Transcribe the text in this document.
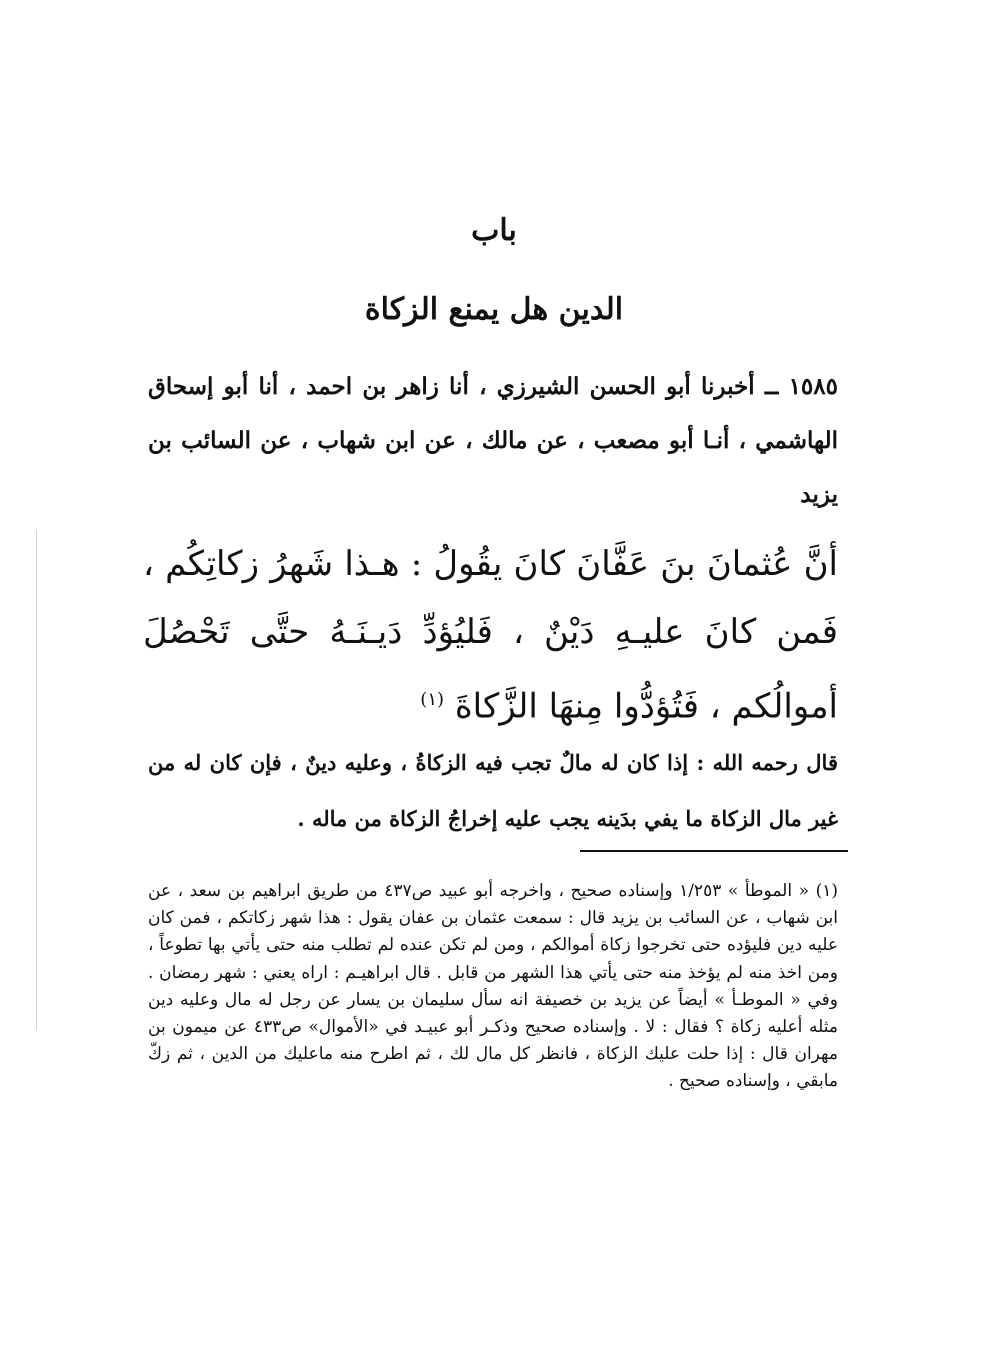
باب
الدين هل يمنع الزكاة
١٥٨٥ ــ أخبرنا أبو الحسن الشيرزي ، أنا زاهر بن احمد ، أنا أبو إسحاق الهاشمي ، أنـا أبو مصعب ، عن مالك ، عن ابن شهاب ، عن السائب بن يزيد
أنَّ عُثمانَ بنَ عَفَّانَ كانَ يقُولُ : هـذا شَهرُ زكاتِكُم ، فَمن كانَ عليـهِ دَيْنٌ ، فَليُؤدِّ دَيـنَـهُ حتَّى تَحْصُلَ أموالُكم ، فَتُؤدُّوا مِنهَا الزَّكاةَ $^{(١)}$
قال رحمه الله : إذا كان له مالٌ تجب فيه الزكاةُ ، وعليه دينٌ ، فإن كان له من غير مال الزكاة ما يفي بدَينه يجب عليه إخراجُ الزكاة من ماله .
(١) « الموطأ » ١/٢٥٣ وإسناده صحيح ، واخرجه أبو عبيد ص٤٣٧ من طريق ابراهيم بن سعد ، عن ابن شهاب ، عن السائب بن يزيد قال : سمعت عثمان بن عفان يقول : هذا شهر زكاتكم ، فمن كان عليه دين فليؤده حتى تخرجوا زكاة أموالكم ، ومن لم تكن عنده لم تطلب منه حتى يأتي بها تطوعاً ، ومن اخذ منه لم يؤخذ منه حتى يأتي هذا الشهر من قابل . قال ابراهيـم : اراه يعني : شهر رمضان . وفي « الموطـأ » أيضاً عن يزيد بن خصيفة انه سأل سليمان بن يسار عن رجل له مال وعليه دين مثله أعليه زكاة ؟ فقال : لا . وإسناده صحيح وذكـر أبو عبيـد في «الأموال» ص٤٣٣ عن ميمون بن مهران قال : إذا حلت عليك الزكاة ، فانظر كل مال لك ، ثم اطرح منه ماعليك من الدين ، ثم زكّ مابقي ، وإسناده صحيح .
